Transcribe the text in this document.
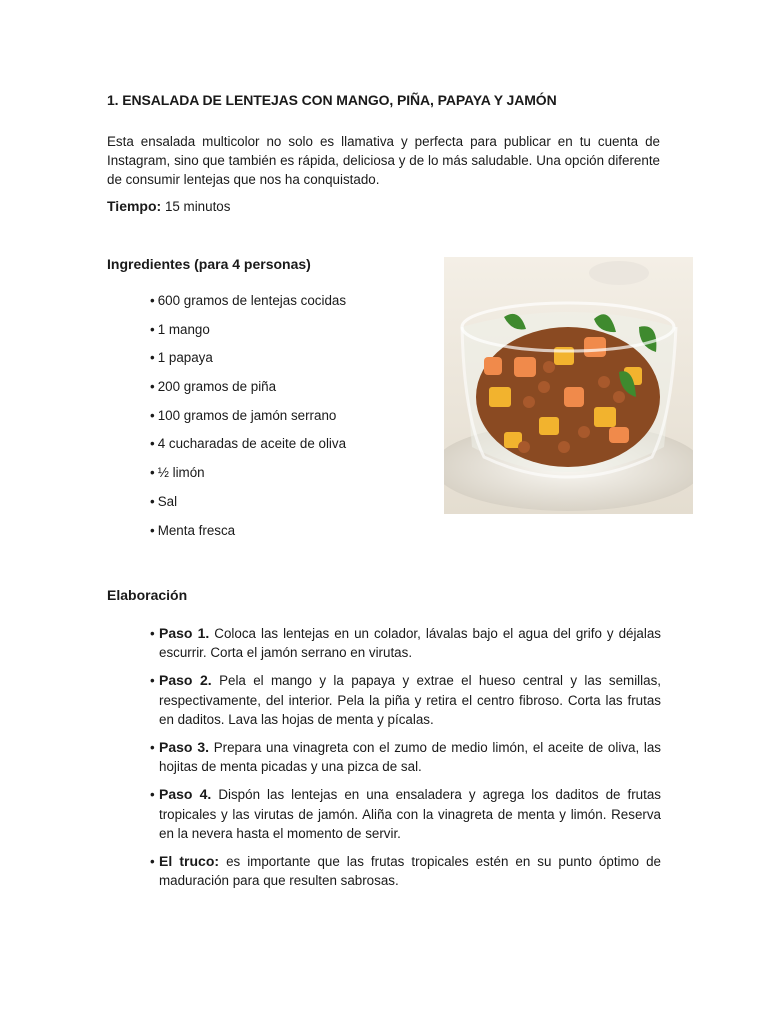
1. ENSALADA DE LENTEJAS CON MANGO, PIÑA, PAPAYA Y JAMÓN
Esta ensalada multicolor no solo es llamativa y perfecta para publicar en tu cuenta de Instagram, sino que también es rápida, deliciosa y de lo más saludable. Una opción diferente de consumir lentejas que nos ha conquistado.
Tiempo: 15 minutos
Ingredientes (para 4 personas)
• 600 gramos de lentejas cocidas
• 1 mango
• 1 papaya
• 200 gramos de piña
• 100 gramos de jamón serrano
• 4 cucharadas de aceite de oliva
• ½ limón
• Sal
• Menta fresca
Elaboración
• Paso 1. Coloca las lentejas en un colador, lávalas bajo el agua del grifo y déjalas escurrir. Corta el jamón serrano en virutas.
• Paso 2. Pela el mango y la papaya y extrae el hueso central y las semillas, respectivamente, del interior. Pela la piña y retira el centro fibroso. Corta las frutas en daditos. Lava las hojas de menta y pícalas.
• Paso 3. Prepara una vinagreta con el zumo de medio limón, el aceite de oliva, las hojitas de menta picadas y una pizca de sal.
• Paso 4. Dispón las lentejas en una ensaladera y agrega los daditos de frutas tropicales y las virutas de jamón. Aliña con la vinagreta de menta y limón. Reserva en la nevera hasta el momento de servir.
• El truco: es importante que las frutas tropicales estén en su punto óptimo de maduración para que resulten sabrosas.
